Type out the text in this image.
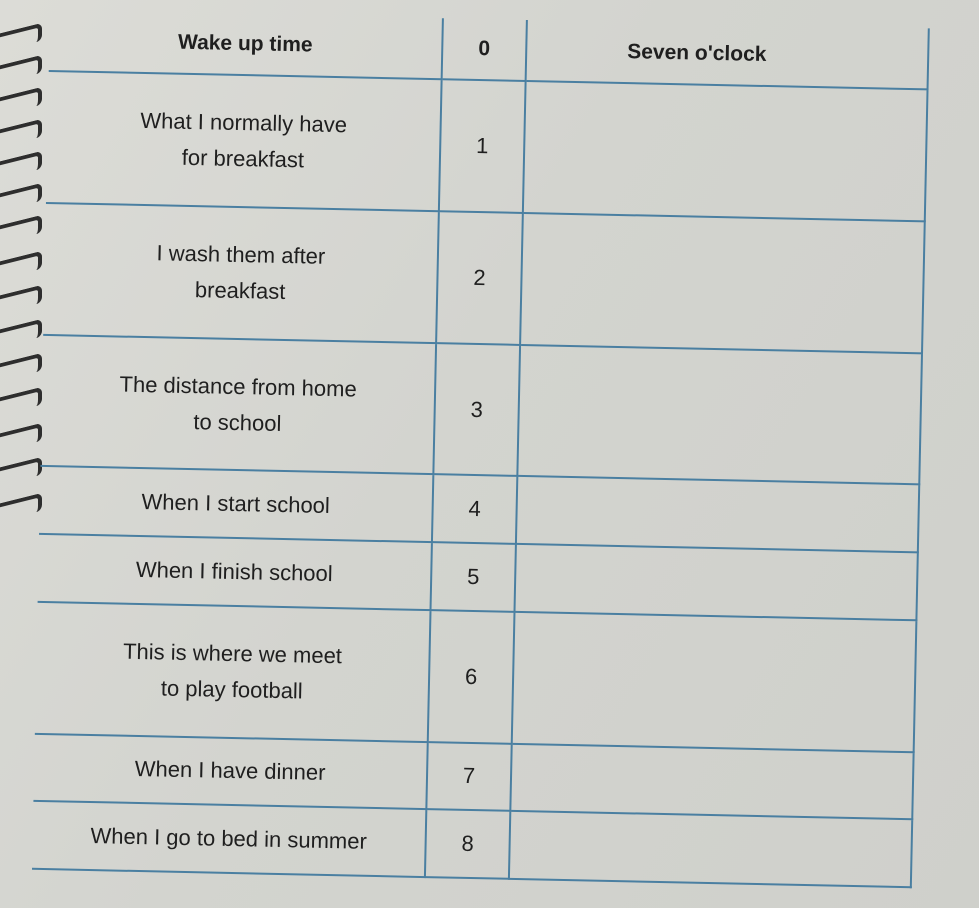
Wake up time	0	Seven o'clock

What I normally have
for breakfast	1	

I wash them after
breakfast	2	

The distance from home
to school	3	

When I start school	4	

When I finish school	5	

This is where we meet
to play football	6	

When I have dinner	7	

When I go to bed in summer	8	
